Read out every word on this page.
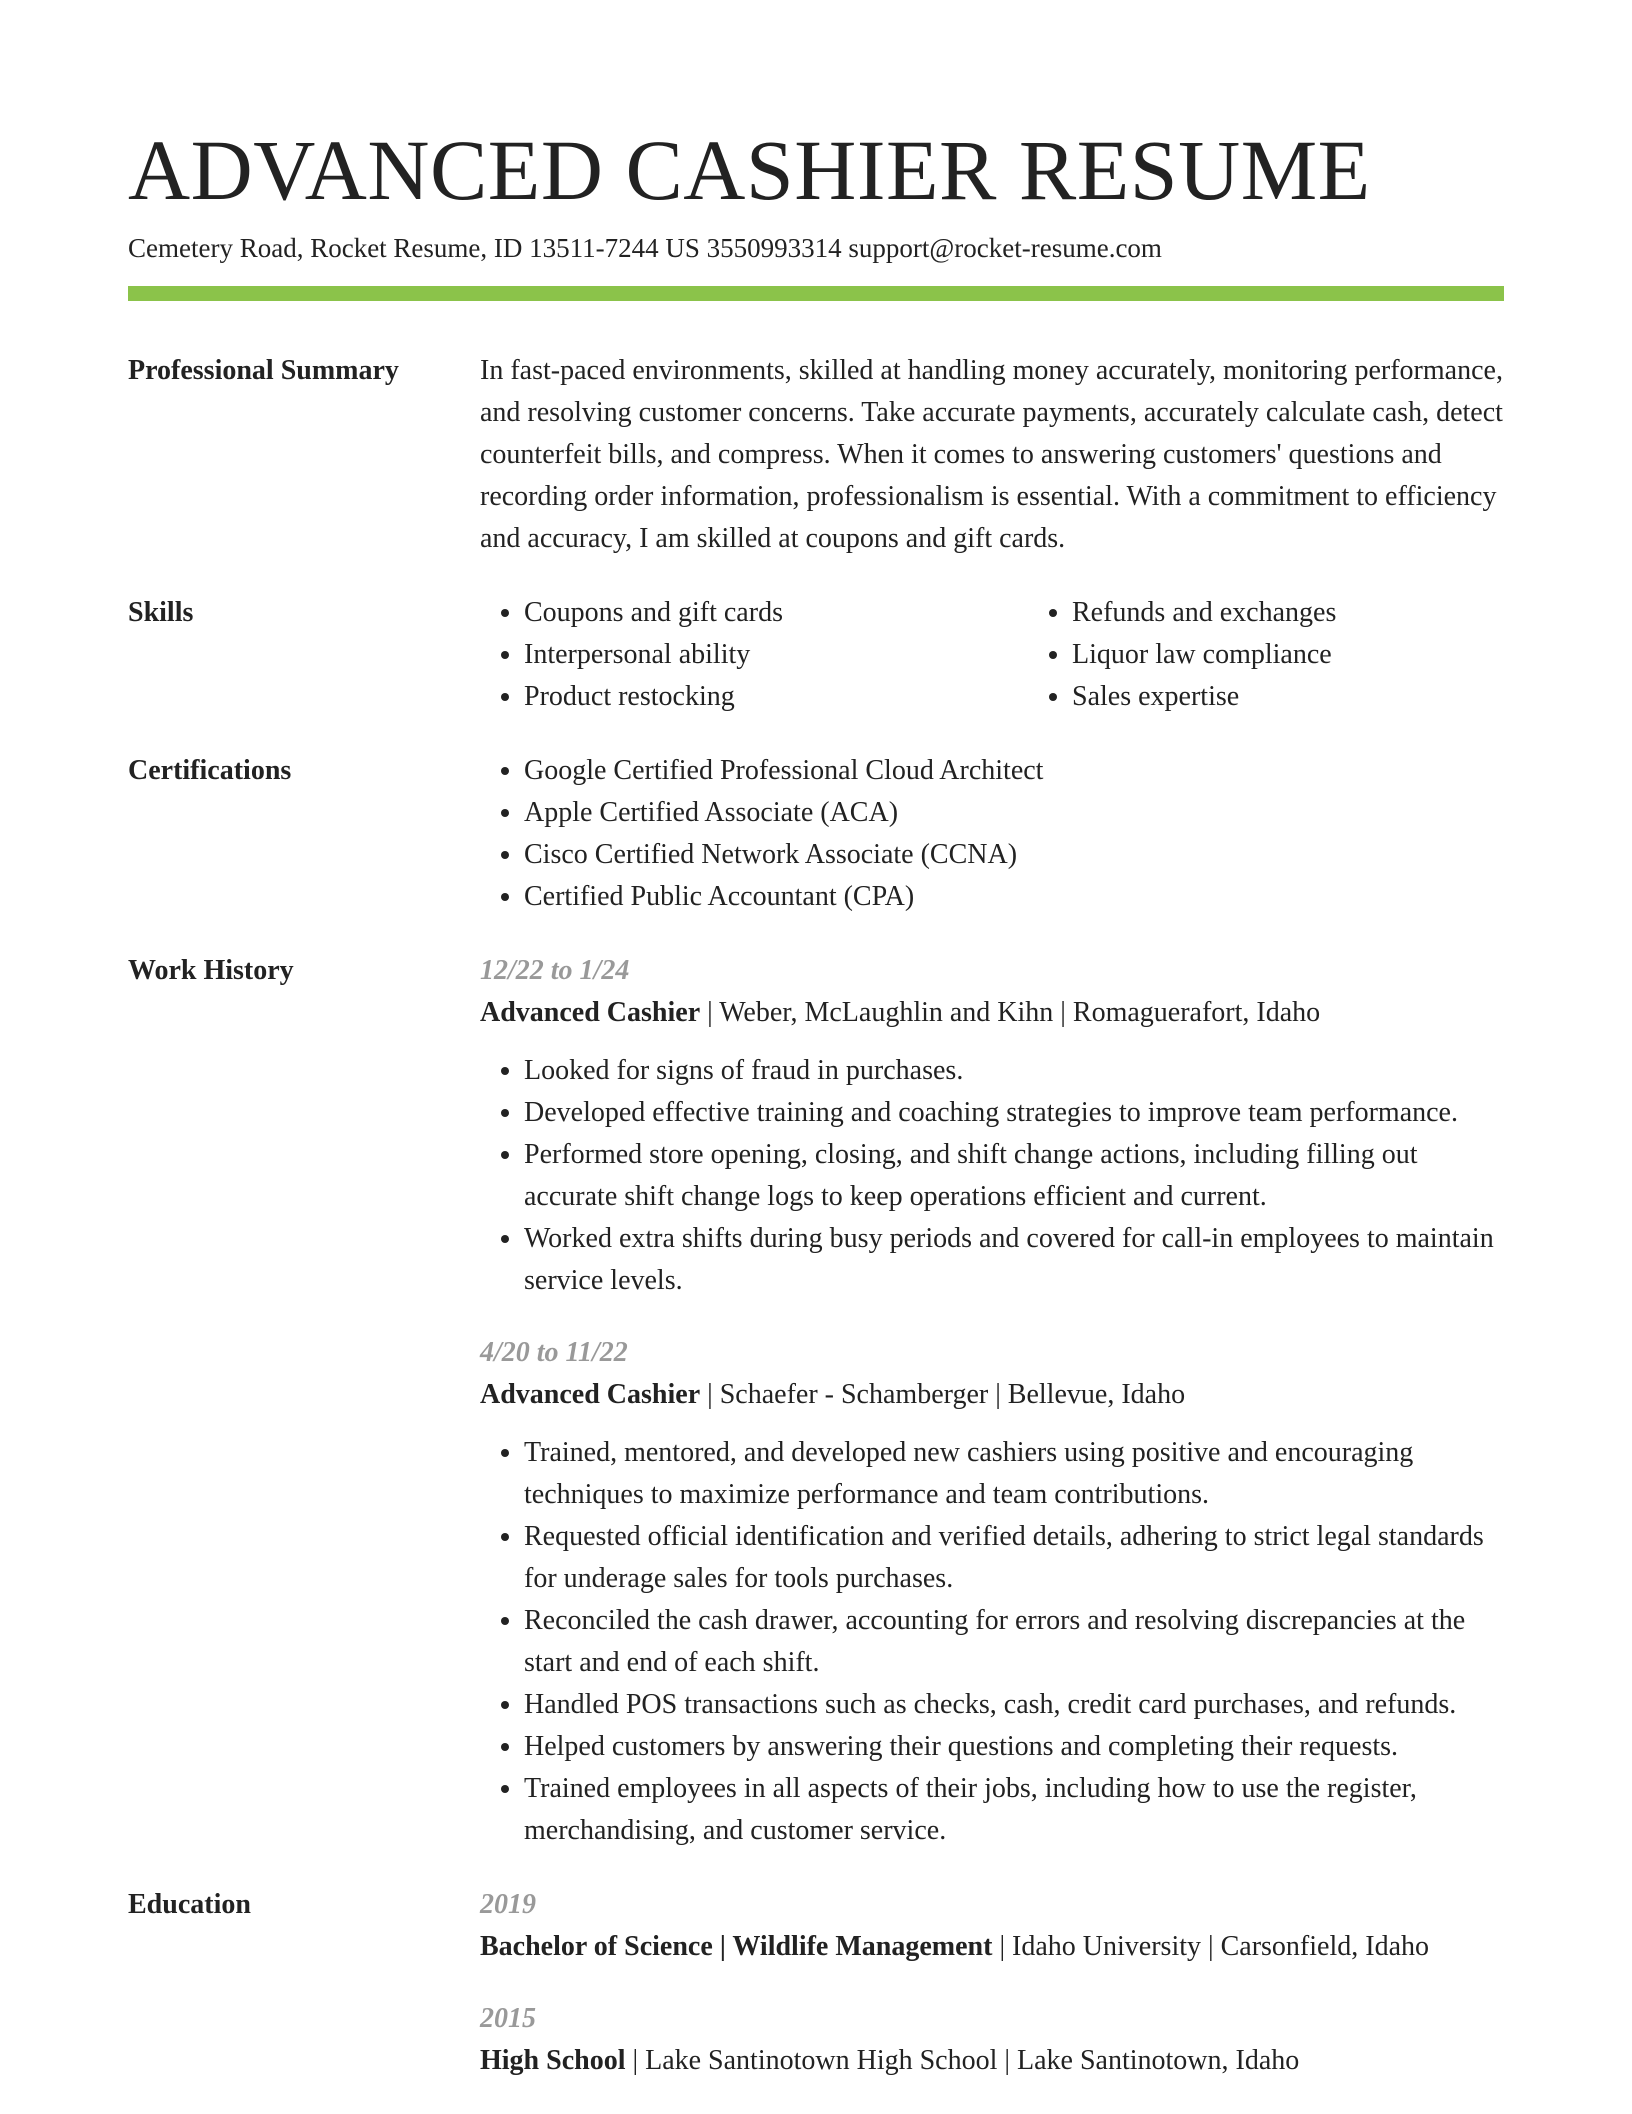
ADVANCED CASHIER RESUME
Cemetery Road, Rocket Resume, ID 13511-7244 US 3550993314 support@rocket-resume.com
Professional Summary	In fast-paced environments, skilled at handling money accurately, monitoring performance, and resolving customer concerns. Take accurate payments, accurately calculate cash, detect counterfeit bills, and compress. When it comes to answering customers' questions and recording order information, professionalism is essential. With a commitment to efficiency and accuracy, I am skilled at coupons and gift cards.

Skills	• Coupons and gift cards
• Interpersonal ability
• Product restocking
• Refunds and exchanges
• Liquor law compliance
• Sales expertise
Certifications	• Google Certified Professional Cloud Architect
• Apple Certified Associate (ACA)
• Cisco Certified Network Associate (CCNA)
• Certified Public Accountant (CPA)
Work History	12/22 to 1/24
Advanced Cashier | Weber, McLaughlin and Kihn | Romaguerafort, Idaho
• Looked for signs of fraud in purchases.
• Developed effective training and coaching strategies to improve team performance.
• Performed store opening, closing, and shift change actions, including filling out accurate shift change logs to keep operations efficient and current.
• Worked extra shifts during busy periods and covered for call-in employees to maintain service levels.
4/20 to 11/22
Advanced Cashier | Schaefer - Schamberger | Bellevue, Idaho
• Trained, mentored, and developed new cashiers using positive and encouraging techniques to maximize performance and team contributions.
• Requested official identification and verified details, adhering to strict legal standards for underage sales for tools purchases.
• Reconciled the cash drawer, accounting for errors and resolving discrepancies at the start and end of each shift.
• Handled POS transactions such as checks, cash, credit card purchases, and refunds.
• Helped customers by answering their questions and completing their requests.
• Trained employees in all aspects of their jobs, including how to use the register, merchandising, and customer service.
Education	2019
Bachelor of Science | Wildlife Management | Idaho University | Carsonfield, Idaho
2015
High School | Lake Santinotown High School | Lake Santinotown, Idaho
